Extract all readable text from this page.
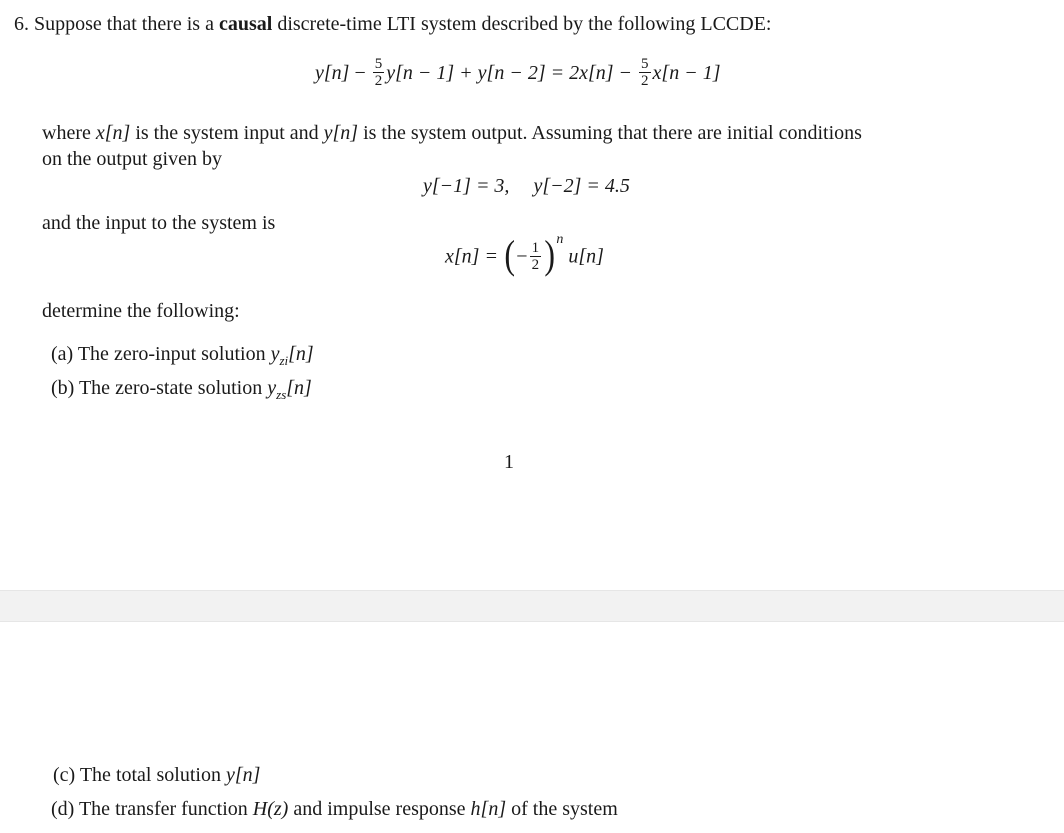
6. Suppose that there is a causal discrete-time LTI system described by the following LCCDE:
$y[n] - \frac{5}{2} y[n - 1] + y[n - 2] = 2x[n] - \frac{5}{2} x[n - 1]$
where x[n] is the system input and y[n] is the system output. Assuming that there are initial conditions
on the output given by
y[−1] = 3, y[−2] = 4.5
and the input to the system is
x[n] = (− $\frac{1}{2} )^n$ u[n]
determine the following:
(a) The zero-input solution $y_{zi}[n]$
(b) The zero-state solution $y_{zs}[n]$
1
(c) The total solution y[n]
(d) The transfer function H(z) and impulse response h[n] of the system
